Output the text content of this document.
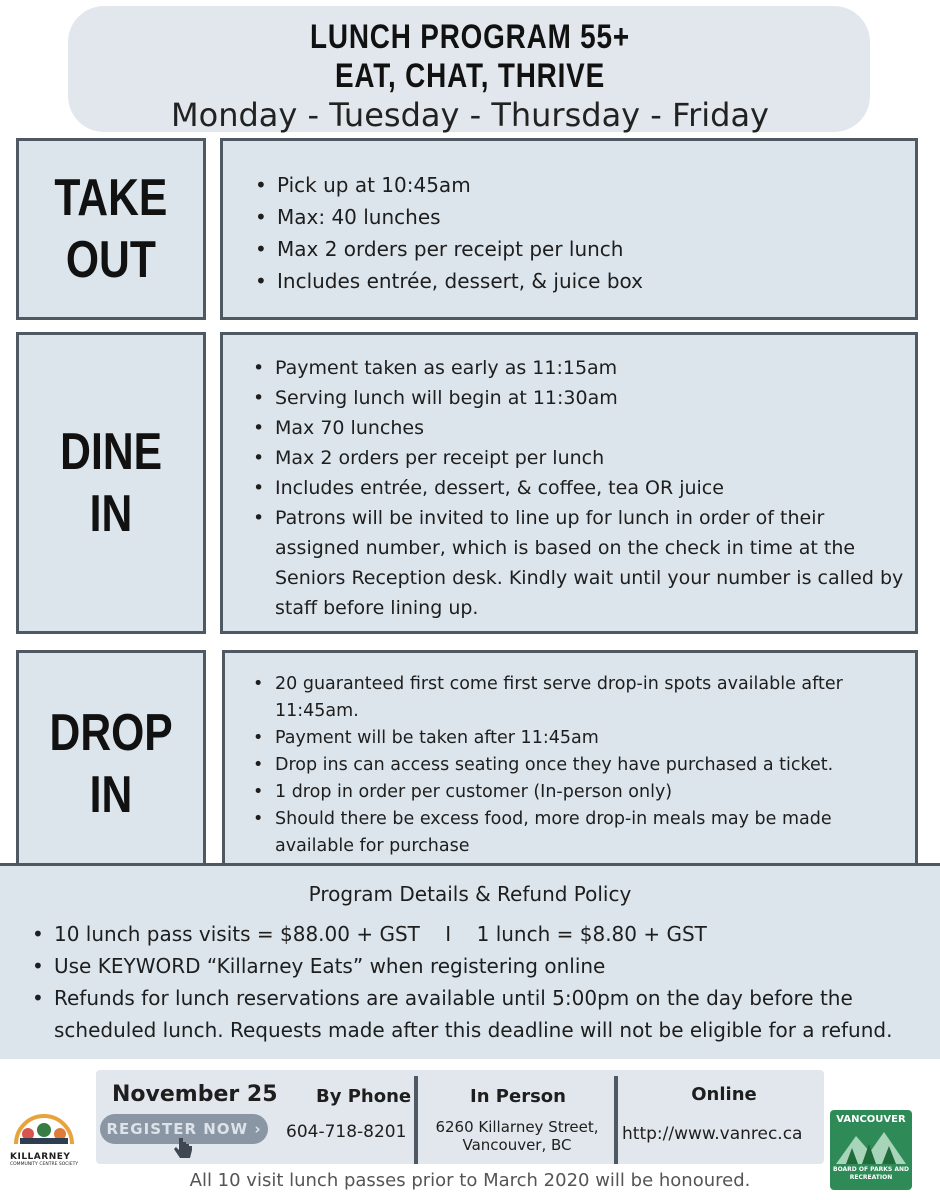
LUNCH PROGRAM 55+
EAT, CHAT, THRIVE
Monday - Tuesday - Thursday - Friday
TAKE
OUT
• Pick up at 10:45am
• Max: 40 lunches
• Max 2 orders per receipt per lunch
• Includes entrée, dessert, & juice box
DINE
IN
• Payment taken as early as 11:15am
• Serving lunch will begin at 11:30am
• Max 70 lunches
• Max 2 orders per receipt per lunch
• Includes entrée, dessert, & coffee, tea OR juice
• Patrons will be invited to line up for lunch in order of their assigned number, which is based on the check in time at the Seniors Reception desk. Kindly wait until your number is called by staff before lining up.
DROP
IN
• 20 guaranteed first come first serve drop-in spots available after 11:45am.
• Payment will be taken after 11:45am
• Drop ins can access seating once they have purchased a ticket.
• 1 drop in order per customer (In-person only)
• Should there be excess food, more drop-in meals may be made available for purchase
Program Details & Refund Policy
• 10 lunch pass visits = $88.00 + GST    I    1 lunch = $8.80 + GST
• Use KEYWORD “Killarney Eats” when registering online
• Refunds for lunch reservations are available until 5:00pm on the day before the scheduled lunch. Requests made after this deadline will not be eligible for a refund.
November 25
REGISTER NOW ›
By Phone
604-718-8201
In Person
6260 Killarney Street,
Vancouver, BC
Online
http://www.vanrec.ca
KILLARNEY
COMMUNITY CENTRE SOCIETY
VANCOUVER
BOARD OF PARKS AND RECREATION
All 10 visit lunch passes prior to March 2020 will be honoured.
